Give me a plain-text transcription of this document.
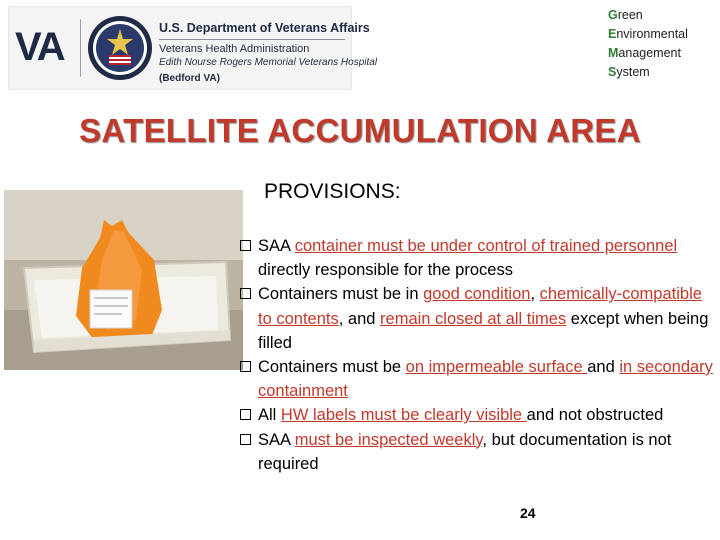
VA	U.S. Department of Veterans Affairs
Veterans Health Administration
Edith Nourse Rogers Memorial Veterans Hospital
(Bedford VA)
Green
Environmental
Management
System
SATELLITE ACCUMULATION AREA
PROVISIONS:
SAA container must be under control of trained personnel directly responsible for the process
Containers must be in good condition, chemically-compatible to contents, and remain closed at all times except when being filled
Containers must be on impermeable surface and in secondary containment
All HW labels must be clearly visible and not obstructed
SAA must be inspected weekly, but documentation is not required
24
